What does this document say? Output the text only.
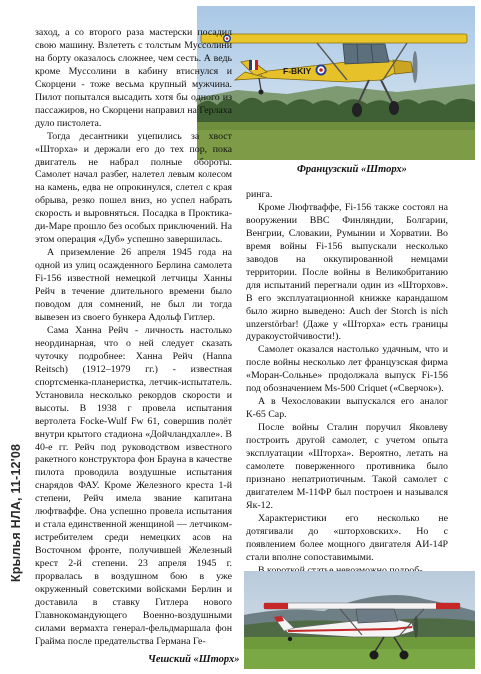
F-BKIY
Французский «Шторх»

заход, а со второго раза мастерски посадил свою машину. Взлететь с толстым Муссолини на борту оказалось сложнее, чем сесть. А ведь кроме Муссолини в кабину втиснулся и Скорцени - тоже весьма крупный мужчина. Пилот попытался высадить хотя бы одного из пассажиров, но Скорцени направил на Герлаха дуло пистолета.

Тогда десантники уцепились за хвост «Шторха» и держали его до тех пор, пока двигатель не набрал полные обороты. Самолет начал разбег, налетел левым колесом на камень, едва не опрокинулся, слетел с края обрыва, резко пошел вниз, но успел набрать скорость и выровняться. Посадка в Проктика-ди-Маре прошло без особых приключений. На этом операция «Дуб» успешно завершилась.

А приземление 26 апреля 1945 года на одной из улиц осажденного Берлина самолета Fi-156 известной немецкой летчицы Ханны Рейч в течение длительного времени было поводом для сомнений, не был ли тогда вывезен из своего бункера Адольф Гитлер.

Сама Ханна Рейч - личность настолько неординарная, что о ней следует сказать чуточку подробнее: Ханна Рейч (Hanna Reitsch) (1912–1979 гг.) - известная спортсменка-планеристка, летчик-испытатель. Установила несколько рекордов скорости и высоты. В 1938 г провела испытания вертолета Focke-Wulf Fw 61, совершив полёт внутри крытого стадиона «Дойчландхалле». В 40-е гг. Рейч под руководством известного ракетного конструктора фон Брауна в качестве пилота проводила воздушные испытания снарядов ФАУ. Кроме Железного креста 1-й степени, Рейч имела звание капитана люфтваффе. Она успешно провела испытания и стала единственной женщиной — летчиком-истребителем среди немецких асов на Восточном фронте, получившей Железный крест 2-й степени. 23 апреля 1945 г. прорвалась в воздушном бою в уже окруженный советскими войсками Берлин и доставила в ставку Гитлера нового Главнокомандующего Военно-воздушными силами вермахта генерал-фельдмаршала фон Грайма после предательства Германа Ге-

ринга.

Кроме Люфтваффе, Fi-156 также состоял на вооружении ВВС Финляндии, Болгарии, Венгрии, Словакии, Румынии и Хорватии. Во время войны Fi-156 выпускали несколько заводов на оккупированной немцами территории. После войны в Великобританию для испытаний перегнали один из «Шторхов». В его эксплуатационной книжке карандашом было жирно выведено: Auch der Storch is nich unzerstörbar! (Даже у «Шторха» есть границы дуракоустойчивости!).

Самолет оказался настолько удачным, что и после войны несколько лет французская фирма «Моран-Сольнье» продолжала выпуск Fi-156 под обозначением Ms-500 Criquet («Сверчок»).

А в Чехословакии выпускался его аналог К-65 Cap.

После войны Сталин поручил Яковлеву построить другой самолет, с учетом опыта эксплуатации «Шторха». Вероятно, летать на самолете поверженного противника было признано непатриотичным. Такой самолет с двигателем М-11ФР был построен и назывался Як-12.

Характеристики его несколько не дотягивали до «шторховских». Но с появлением более мощного двигателя АИ-14Р стали вполне сопоставимыми.

Чешский «Шторх»
Крылья НЛА, 11-12'08
